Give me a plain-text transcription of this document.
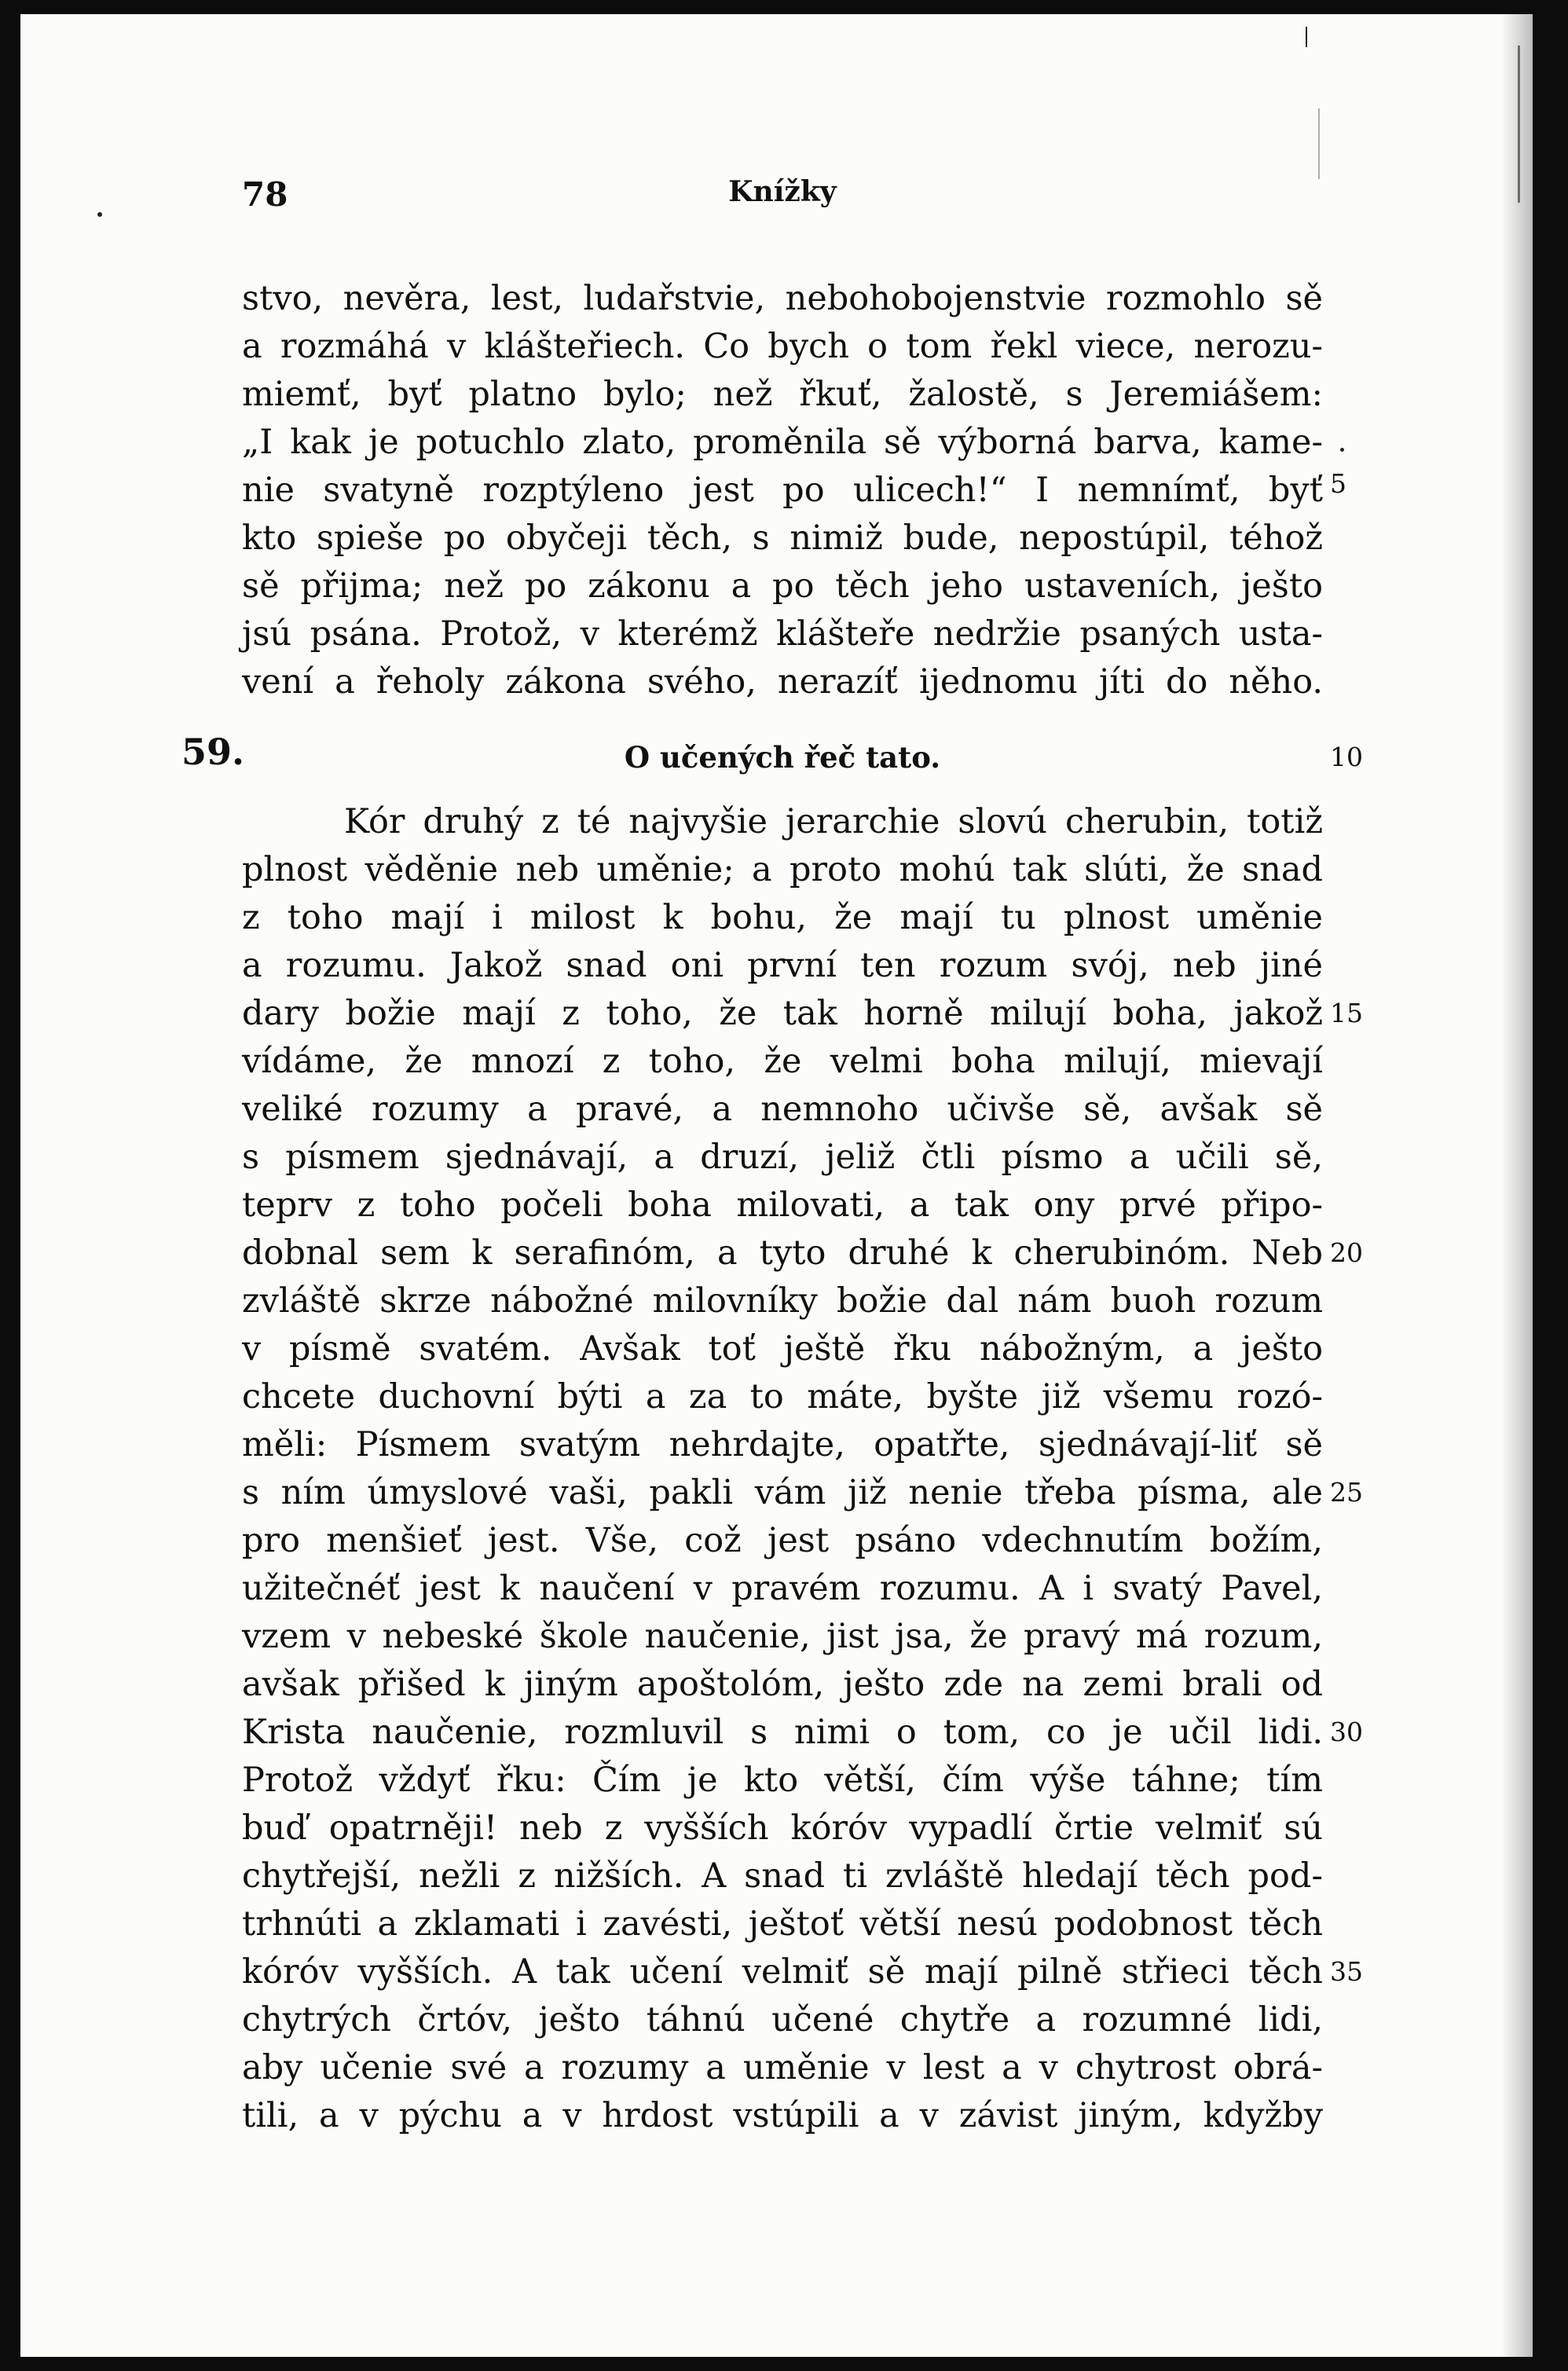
78	Knížky
stvo, nevěra, lest, ludařstvie, nebohobojenstvie rozmohlo sě
a rozmáhá v klášteřiech. Co bych o tom řekl viece, nerozu-
miemť, byť platno bylo; než řkuť, žalostě, s Jeremiášem:
„I kak je potuchlo zlato, proměnila sě výborná barva, kame-
nie svatyně rozptýleno jest po ulicech!“ I nemnímť, byť
kto spieše po obyčeji těch, s nimiž bude, nepostúpil, téhož
sě přijma; než po zákonu a po těch jeho ustaveních, ješto
jsú psána. Protož, v kterémž klášteře nedržie psaných usta-
vení a řeholy zákona svého, nerazíť ijednomu jíti do něho.
59.	O učených řeč tato.
Kór druhý z té najvyšie jerarchie slovú cherubin, totiž
plnost věděnie neb uměnie; a proto mohú tak slúti, že snad
z toho mají i milost k bohu, že mají tu plnost uměnie
a rozumu. Jakož snad oni první ten rozum svój, neb jiné
dary božie mají z toho, že tak horně milují boha, jakož
vídáme, že mnozí z toho, že velmi boha milují, mievají
veliké rozumy a pravé, a nemnoho učivše sě, avšak sě
s písmem sjednávají, a druzí, jeliž čtli písmo a učili sě,
teprv z toho počeli boha milovati, a tak ony prvé připo-
dobnal sem k serafinóm, a tyto druhé k cherubinóm. Neb
zvláště skrze nábožné milovníky božie dal nám buoh rozum
v písmě svatém. Avšak toť ještě řku nábožným, a ješto
chcete duchovní býti a za to máte, byšte již všemu rozó-
měli: Písmem svatým nehrdajte, opatřte, sjednávají-liť sě
s ním úmyslové vaši, pakli vám již nenie třeba písma, ale
pro menšieť jest. Vše, což jest psáno vdechnutím božím,
užitečnéť jest k naučení v pravém rozumu. A i svatý Pavel,
vzem v nebeské škole naučenie, jist jsa, že pravý má rozum,
avšak přišed k jiným apoštolóm, ješto zde na zemi brali od
Krista naučenie, rozmluvil s nimi o tom, co je učil lidi.
Protož vždyť řku: Čím je kto větší, čím výše táhne; tím
buď opatrněji! neb z vyšších kóróv vypadlí črtie velmiť sú
chytřejší, nežli z nižších. A snad ti zvláště hledají těch pod-
trhnúti a zklamati i zavésti, ještoť větší nesú podobnost těch
kóróv vyšších. A tak učení velmiť sě mají pilně střieci těch
chytrých črtóv, ješto táhnú učené chytře a rozumné lidi,
aby učenie své a rozumy a uměnie v lest a v chytrost obrá-
tili, a v pýchu a v hrdost vstúpili a v závist jiným, kdyžby
5
10
15
20
25
30
35
